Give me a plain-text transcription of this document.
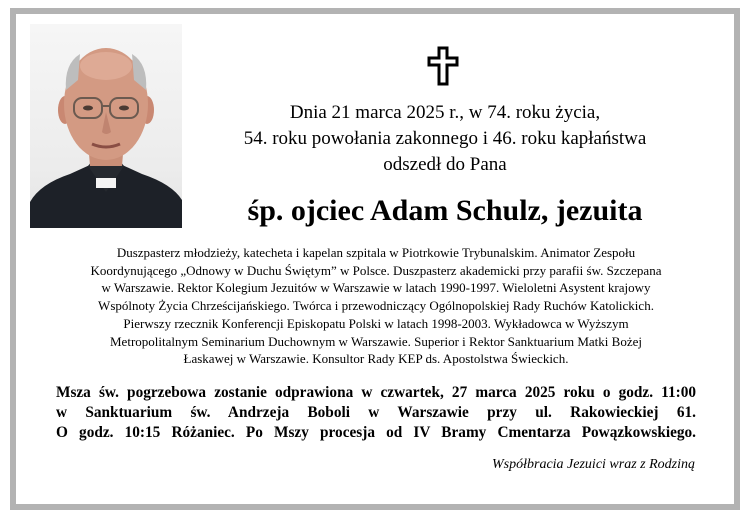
Dnia 21 marca 2025 r., w 74. roku życia,
54. roku powołania zakonnego i 46. roku kapłaństwa
odszedł do Pana
śp. ojciec Adam Schulz, jezuita
Duszpasterz młodzieży, katecheta i kapelan szpitala w Piotrkowie Trybunalskim. Animator Zespołu
Koordynującego „Odnowy w Duchu Świętym” w Polsce. Duszpasterz akademicki przy parafii św. Szczepana
w Warszawie. Rektor Kolegium Jezuitów w Warszawie w latach 1990-1997. Wieloletni Asystent krajowy
Wspólnoty Życia Chrześcijańskiego. Twórca i przewodniczący Ogólnopolskiej Rady Ruchów Katolickich.
Pierwszy rzecznik Konferencji Episkopatu Polski w latach 1998-2003. Wykładowca w Wyższym
Metropolitalnym Seminarium Duchownym w Warszawie. Superior i Rektor Sanktuarium Matki Bożej
Łaskawej w Warszawie. Konsultor Rady KEP ds. Apostolstwa Świeckich.
Msza św. pogrzebowa zostanie odprawiona w czwartek, 27 marca 2025 roku o godz. 11:00
w Sanktuarium św. Andrzeja Boboli w Warszawie przy ul. Rakowieckiej 61.
O godz. 10:15 Różaniec. Po Mszy procesja od IV Bramy Cmentarza Powązkowskiego.
Współbracia Jezuici wraz z Rodziną
